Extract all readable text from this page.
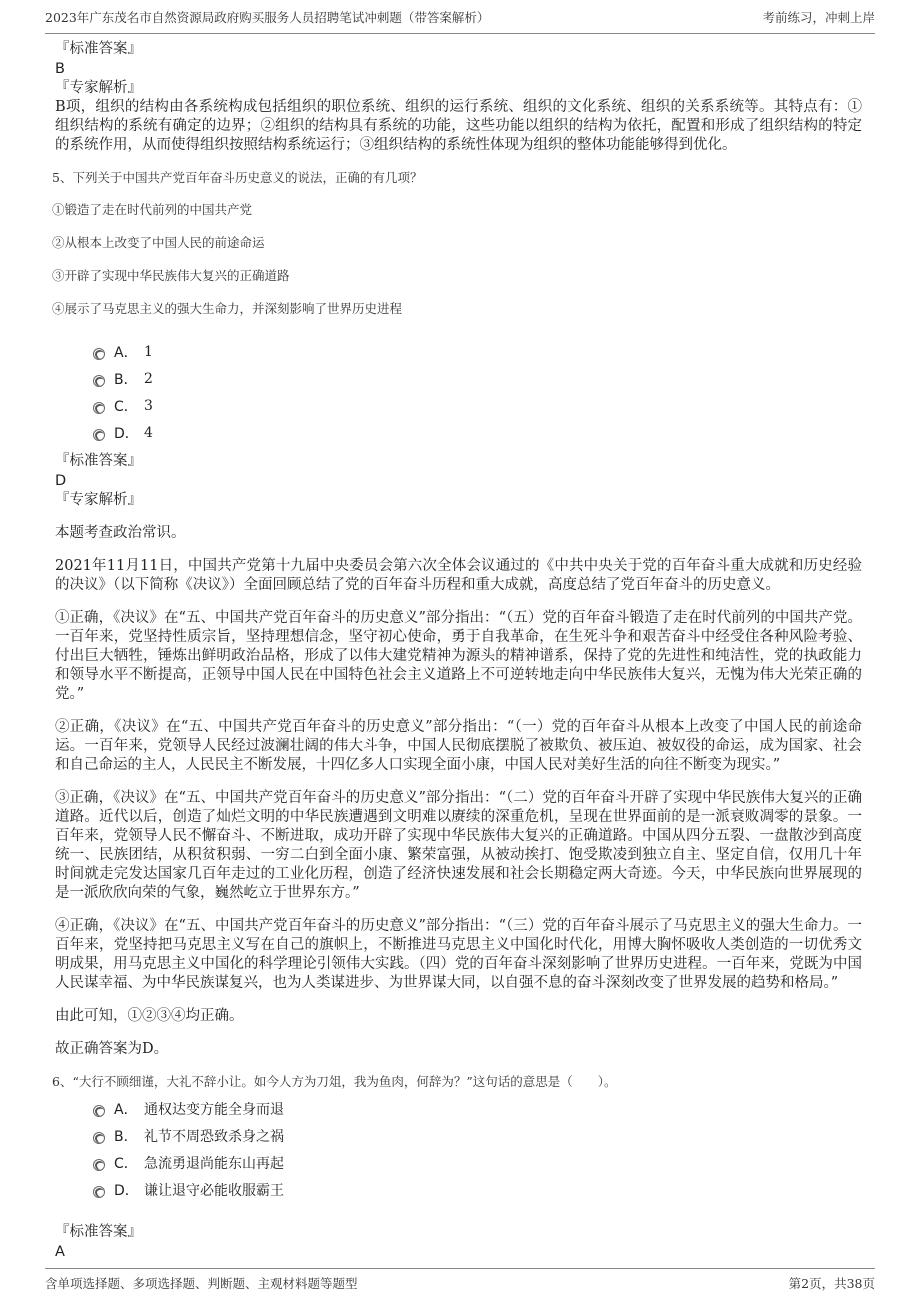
2023年广东茂名市自然资源局政府购买服务人员招聘笔试冲刺题（带答案解析）	考前练习，冲刺上岸
『标准答案』
B
『专家解析』
B项，组织的结构由各系统构成包括组织的职位系统、组织的运行系统、组织的文化系统、组织的关系系统等。其特点有：①组织结构的系统有确定的边界；②组织的结构具有系统的功能，这些功能以组织的结构为依托，配置和形成了组织结构的特定的系统作用，从而使得组织按照结构系统运行；③组织结构的系统性体现为组织的整体功能能够得到优化。
5、下列关于中国共产党百年奋斗历史意义的说法，正确的有几项？
①锻造了走在时代前列的中国共产党
②从根本上改变了中国人民的前途命运
③开辟了实现中华民族伟大复兴的正确道路
④展示了马克思主义的强大生命力，并深刻影响了世界历史进程
A． 1
B． 2
C． 3
D． 4
『标准答案』
D
『专家解析』
本题考查政治常识。
2021年11月11日，中国共产党第十九届中央委员会第六次全体会议通过的《中共中央关于党的百年奋斗重大成就和历史经验的决议》（以下简称《决议》）全面回顾总结了党的百年奋斗历程和重大成就，高度总结了党百年奋斗的历史意义。
①正确，《决议》在“五、中国共产党百年奋斗的历史意义”部分指出：“（五）党的百年奋斗锻造了走在时代前列的中国共产党。一百年来，党坚持性质宗旨，坚持理想信念，坚守初心使命，勇于自我革命，在生死斗争和艰苦奋斗中经受住各种风险考验、付出巨大牺牲，锤炼出鲜明政治品格，形成了以伟大建党精神为源头的精神谱系，保持了党的先进性和纯洁性，党的执政能力和领导水平不断提高，正领导中国人民在中国特色社会主义道路上不可逆转地走向中华民族伟大复兴，无愧为伟大光荣正确的党。”
②正确，《决议》在“五、中国共产党百年奋斗的历史意义”部分指出：“（一）党的百年奋斗从根本上改变了中国人民的前途命运。一百年来，党领导人民经过波澜壮阔的伟大斗争，中国人民彻底摆脱了被欺负、被压迫、被奴役的命运，成为国家、社会和自己命运的主人，人民民主不断发展，十四亿多人口实现全面小康，中国人民对美好生活的向往不断变为现实。”
③正确，《决议》在“五、中国共产党百年奋斗的历史意义”部分指出：“（二）党的百年奋斗开辟了实现中华民族伟大复兴的正确道路。近代以后，创造了灿烂文明的中华民族遭遇到文明难以赓续的深重危机，呈现在世界面前的是一派衰败凋零的景象。一百年来，党领导人民不懈奋斗、不断进取，成功开辟了实现中华民族伟大复兴的正确道路。中国从四分五裂、一盘散沙到高度统一、民族团结，从积贫积弱、一穷二白到全面小康、繁荣富强，从被动挨打、饱受欺凌到独立自主、坚定自信，仅用几十年时间就走完发达国家几百年走过的工业化历程，创造了经济快速发展和社会长期稳定两大奇迹。今天，中华民族向世界展现的是一派欣欣向荣的气象，巍然屹立于世界东方。”
④正确，《决议》在“五、中国共产党百年奋斗的历史意义”部分指出：“（三）党的百年奋斗展示了马克思主义的强大生命力。一百年来，党坚持把马克思主义写在自己的旗帜上，不断推进马克思主义中国化时代化，用博大胸怀吸收人类创造的一切优秀文明成果，用马克思主义中国化的科学理论引领伟大实践。（四）党的百年奋斗深刻影响了世界历史进程。一百年来，党既为中国人民谋幸福、为中华民族谋复兴，也为人类谋进步、为世界谋大同，以自强不息的奋斗深刻改变了世界发展的趋势和格局。”
由此可知，①②③④均正确。
故正确答案为D。
6、“大行不顾细谨，大礼不辞小让。如今人方为刀俎，我为鱼肉，何辞为？”这句话的意思是（　　）。
A． 通权达变方能全身而退
B． 礼节不周恐致杀身之祸
C． 急流勇退尚能东山再起
D． 谦让退守必能收服霸王
『标准答案』
A
含单项选择题、多项选择题、判断题、主观材料题等题型	第2页，共38页
